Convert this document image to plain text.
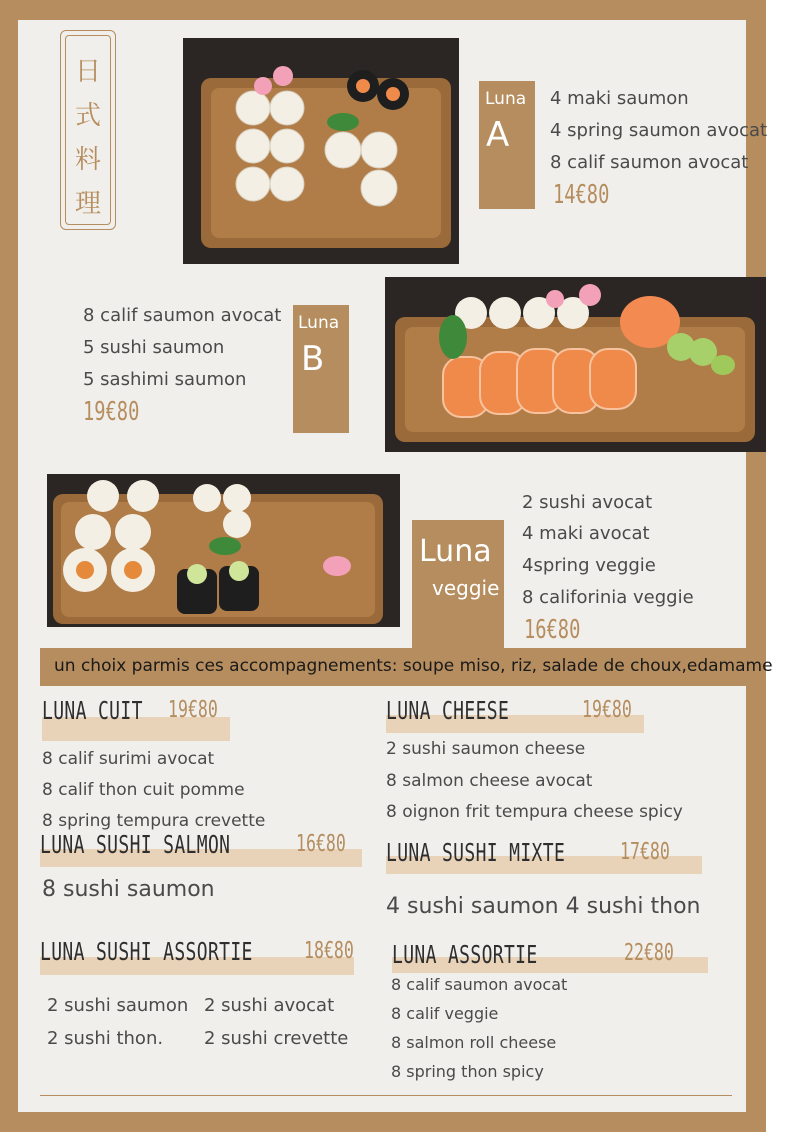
日
式
料
理
Luna
A
4 maki saumon
4 spring saumon avocat
8 calif saumon avocat
14€80
8 calif saumon avocat
5 sushi saumon
5 sashimi saumon
19€80
Luna
B
Luna
veggie
2 sushi avocat
4 maki avocat
4spring veggie
8 califorinia veggie
16€80
un choix parmis ces accompagnements: soupe miso, riz, salade de choux,edamame
LUNA CUIT 19€80
8 calif surimi avocat
8 calif thon cuit pomme
8 spring tempura crevette
LUNA CHEESE	19€80
2 sushi saumon cheese
8 salmon cheese avocat
8 oignon frit tempura cheese spicy
LUNA SUSHI SALMON	16€80
8 sushi saumon
LUNA SUSHI MIXTE 17€80
4 sushi saumon 4 sushi thon
LUNA SUSHI ASSORTIE 18€80
2 sushi saumon
2 sushi thon.
2 sushi avocat
2 sushi crevette
LUNA ASSORTIE	22€80
8 calif saumon avocat
8 calif veggie
8 salmon roll cheese
8 spring thon spicy
